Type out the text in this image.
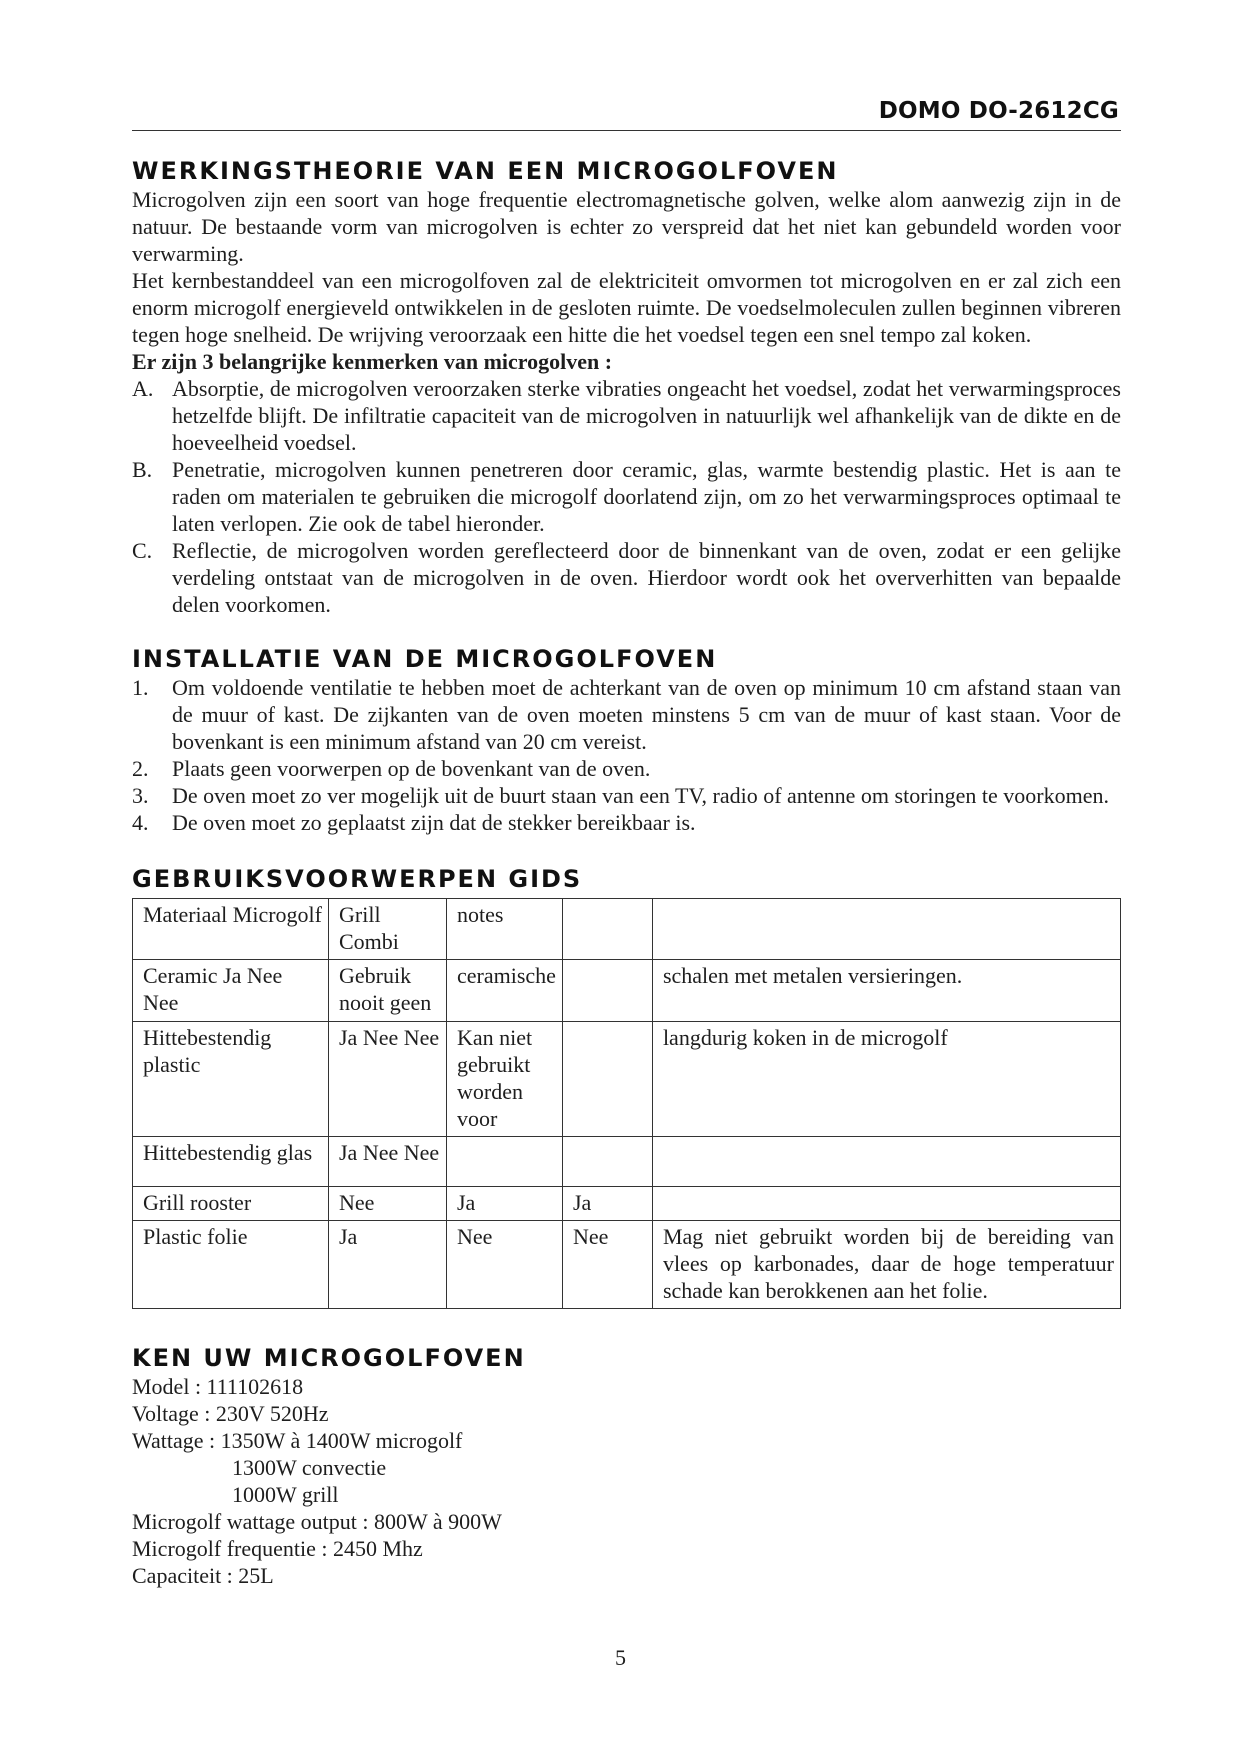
DOMO DO-2612CG
WERKINGSTHEORIE VAN EEN MICROGOLFOVEN

Microgolven zijn een soort van hoge frequentie electromagnetische golven, welke alom aanwezig zijn in de natuur. De bestaande vorm van microgolven is echter zo verspreid dat het niet kan gebundeld worden voor verwarming.

Het kernbestanddeel van een microgolfoven zal de elektriciteit omvormen tot microgolven en er zal zich een enorm microgolf energieveld ontwikkelen in de gesloten ruimte. De voedselmoleculen zullen beginnen vibreren tegen hoge snelheid. De wrijving veroorzaak een hitte die het voedsel tegen een snel tempo zal koken.

Er zijn 3 belangrijke kenmerken van microgolven :

A. Absorptie, de microgolven veroorzaken sterke vibraties ongeacht het voedsel, zodat het verwarmingsproces hetzelfde blijft. De infiltratie capaciteit van de microgolven in natuurlijk wel afhankelijk van de dikte en de hoeveelheid voedsel.
B. Penetratie, microgolven kunnen penetreren door ceramic, glas, warmte bestendig plastic. Het is aan te raden om materialen te gebruiken die microgolf doorlatend zijn, om zo het verwarmingsproces optimaal te laten verlopen. Zie ook de tabel hieronder.
C. Reflectie, de microgolven worden gereflecteerd door de binnenkant van de oven, zodat er een gelijke verdeling ontstaat van de microgolven in de oven. Hierdoor wordt ook het oververhitten van bepaalde delen voorkomen.
INSTALLATIE VAN DE MICROGOLFOVEN
1.	Om voldoende ventilatie te hebben moet de achterkant van de oven op minimum 10 cm afstand staan van de muur of kast. De zijkanten van de oven moeten minstens 5 cm van de muur of kast staan. Voor de bovenkant is een minimum afstand van 20 cm vereist.
2.	Plaats geen voorwerpen op de bovenkant van de oven.
3.	De oven moet zo ver mogelijk uit de buurt staan van een TV, radio of antenne om storingen te voorkomen.
4.	De oven moet zo geplaatst zijn dat de stekker bereikbaar is.
GEBRUIKSVOORWERPEN GIDS
Materiaal Microgolf	Grill Combi	notes		
Ceramic Ja Nee Nee	Gebruik nooit geen	ceramische		schalen met metalen versieringen.
Hittebestendig plastic	Ja Nee Nee	Kan niet gebruikt worden voor		langdurig koken in de microgolf
Hittebestendig glas	Ja Nee Nee			
Grill rooster	Nee	Ja	Ja	
Plastic folie	Ja	Nee	Nee	Mag niet gebruikt worden bij de bereiding van vlees op karbonades, daar de hoge temperatuur schade kan berokkenen aan het folie.
KEN UW MICROGOLFOVEN

Model : 111102618

Voltage : 230V 520Hz

Wattage : 1350W à 1400W microgolf

1300W convectie

1000W grill

Microgolf wattage output : 800W à 900W

Microgolf frequentie : 2450 Mhz

Capaciteit : 25L

5
